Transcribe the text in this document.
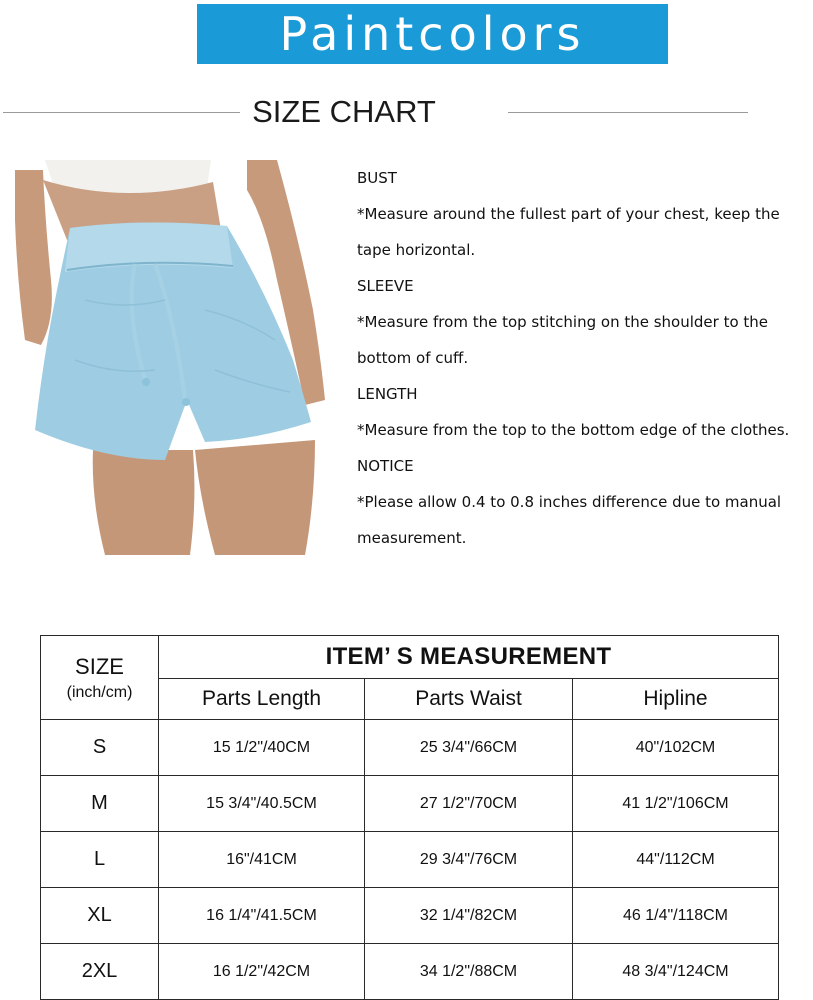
Paintcolors
SIZE CHART
BUST
*Measure around the fullest part of your chest, keep the
tape horizontal.
SLEEVE
*Measure from the top stitching on the shoulder to the
bottom of cuff.
LENGTH
*Measure from the top to the bottom edge of the clothes.
NOTICE
*Please allow 0.4 to 0.8 inches difference due to manual
measurement.
SIZE
(inch/cm)	ITEM’ S MEASUREMENT		
	Parts Length	Parts Waist	Hipline
S	15 1/2"/40CM	25 3/4"/66CM	40"/102CM
M	15 3/4"/40.5CM	27 1/2"/70CM	41 1/2"/106CM
L	16"/41CM	29 3/4"/76CM	44"/112CM
XL	16 1/4"/41.5CM	32 1/4"/82CM	46 1/4"/118CM
2XL	16 1/2"/42CM	34 1/2"/88CM	48 3/4"/124CM
